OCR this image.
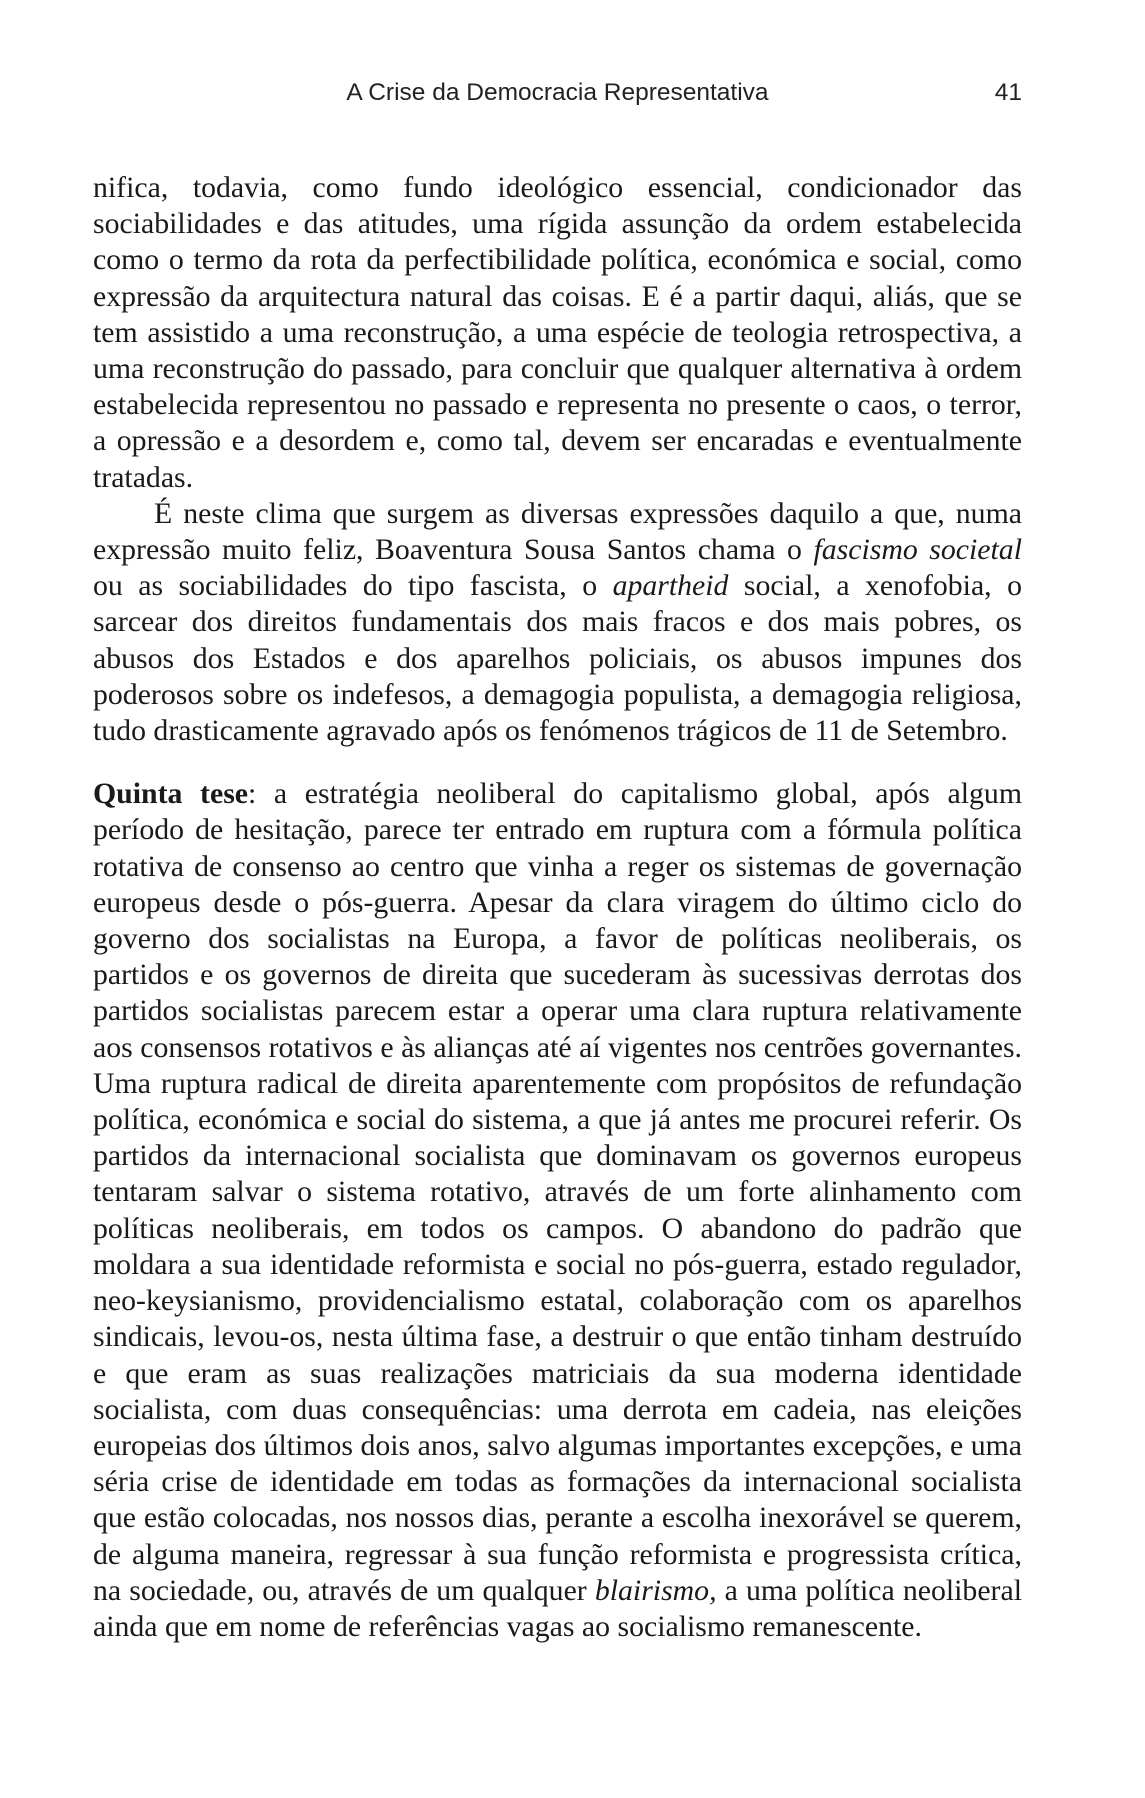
A Crise da Democracia Representativa	41

nifica, todavia, como fundo ideológico essencial, condicionador das sociabilidades e das atitudes, uma rígida assunção da ordem estabelecida como o termo da rota da perfectibilidade política, económica e social, como expressão da arquitectura natural das coisas. E é a partir daqui, aliás, que se tem assistido a uma reconstrução, a uma espécie de teologia retrospectiva, a uma reconstrução do passado, para concluir que qualquer alternativa à ordem estabelecida representou no passado e representa no presente o caos, o terror, a opressão e a desordem e, como tal, devem ser encaradas e eventualmente tratadas.

É neste clima que surgem as diversas expressões daquilo a que, numa expressão muito feliz, Boaventura Sousa Santos chama o fascismo societal ou as sociabilidades do tipo fascista, o apartheid social, a xenofobia, o sarcear dos direitos fundamentais dos mais fracos e dos mais pobres, os abusos dos Estados e dos aparelhos policiais, os abusos impunes dos poderosos sobre os indefesos, a demagogia populista, a demagogia religiosa, tudo drasticamente agravado após os fenómenos trágicos de 11 de Setembro.

Quinta tese: a estratégia neoliberal do capitalismo global, após algum período de hesitação, parece ter entrado em ruptura com a fórmula política rotativa de consenso ao centro que vinha a reger os sistemas de governação europeus desde o pós-guerra. Apesar da clara viragem do último ciclo do governo dos socialistas na Europa, a favor de políticas neoliberais, os partidos e os governos de direita que sucederam às sucessivas derrotas dos partidos socialistas parecem estar a operar uma clara ruptura relativamente aos consensos rotativos e às alianças até aí vigentes nos centrões governantes. Uma ruptura radical de direita aparentemente com propósitos de refundação política, económica e social do sistema, a que já antes me procurei referir. Os partidos da internacional socialista que dominavam os governos europeus tentaram salvar o sistema rotativo, através de um forte alinhamento com políticas neoliberais, em todos os campos. O abandono do padrão que moldara a sua identidade reformista e social no pós-guerra, estado regulador, neo-keysianismo, providencialismo estatal, colaboração com os aparelhos sindicais, levou-os, nesta última fase, a destruir o que então tinham destruído e que eram as suas realizações matriciais da sua moderna identidade socialista, com duas consequências: uma derrota em cadeia, nas eleições europeias dos últimos dois anos, salvo algumas importantes excepções, e uma séria crise de identidade em todas as formações da internacional socialista que estão colocadas, nos nossos dias, perante a escolha inexorável se querem, de alguma maneira, regressar à sua função reformista e progressista crítica, na sociedade, ou, através de um qualquer blairismo, a uma política neoliberal ainda que em nome de referências vagas ao socialismo remanescente.
